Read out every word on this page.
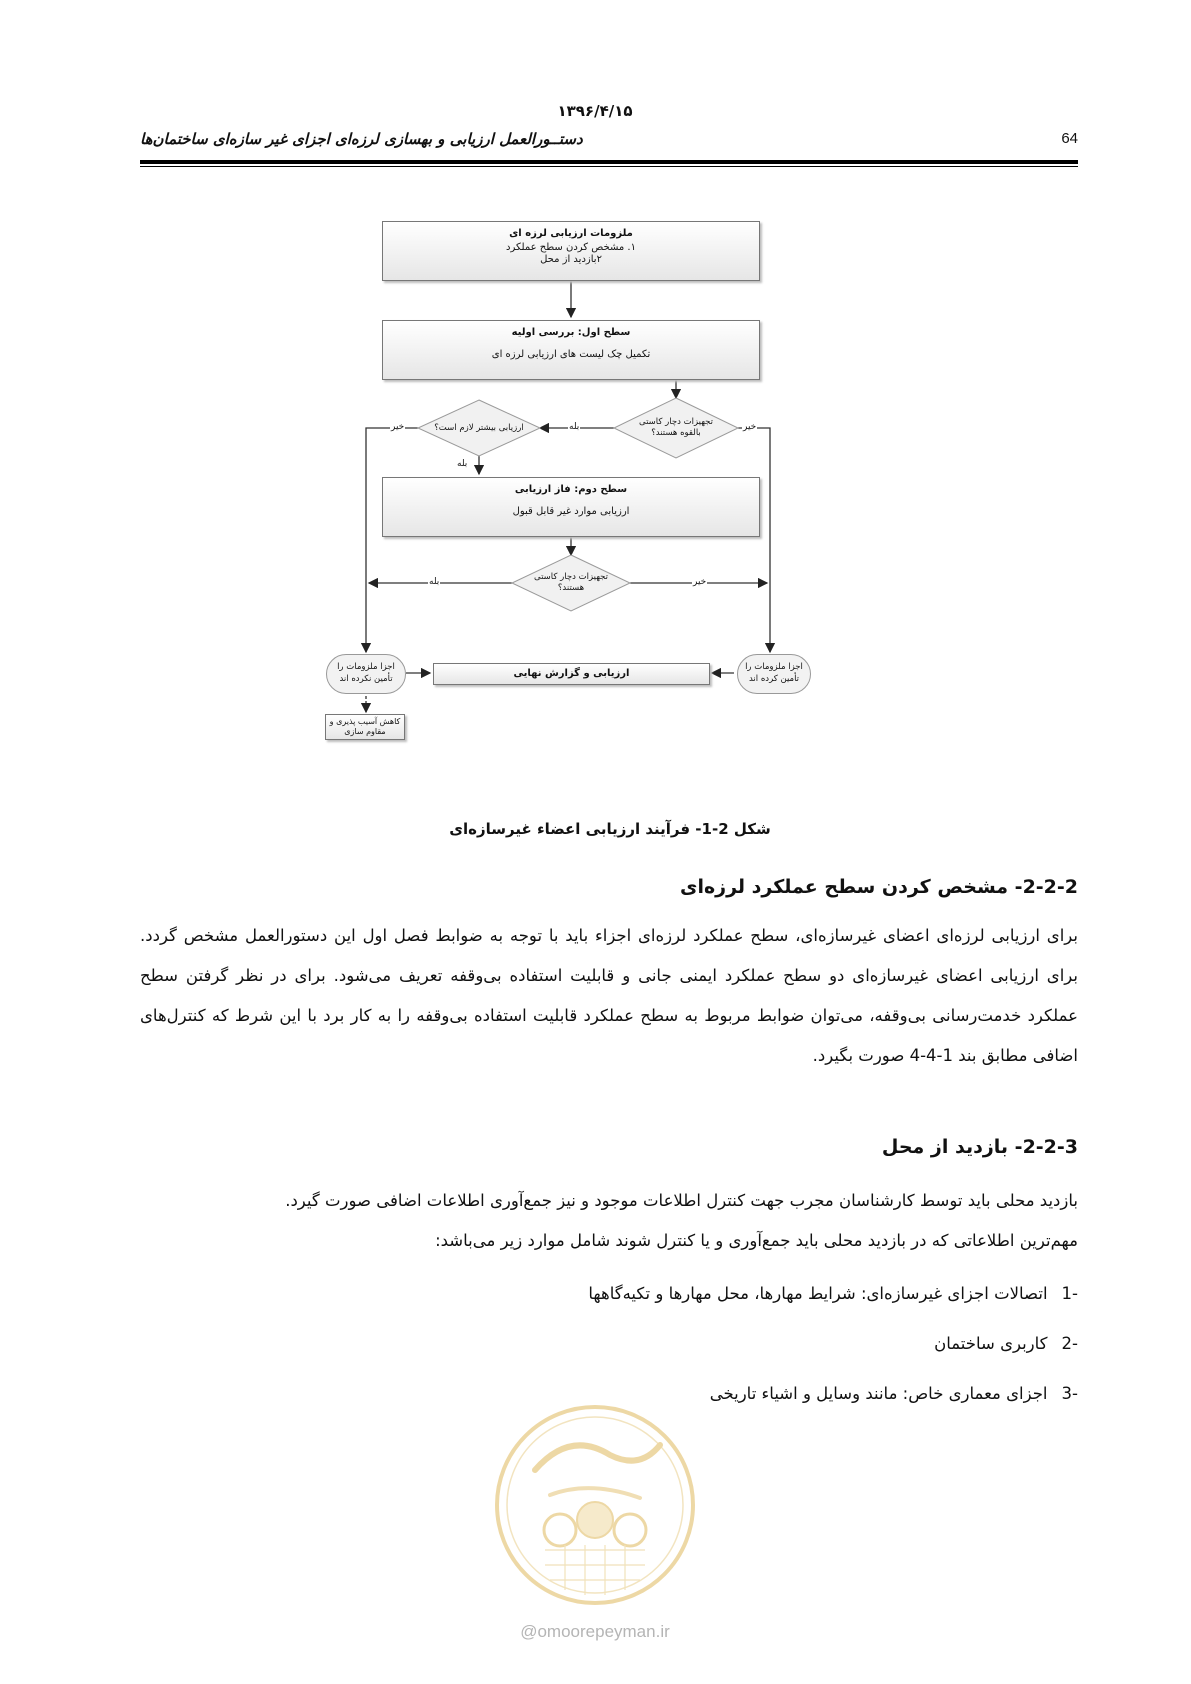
۱۳۹۶/۴/۱۵
دستــورالعمل ارزیابی و بهسازی لرزه‌ای اجزای غیر سازه‌ای ساختمان‌ها	64
ملزومات ارزیابی لرزه ای
۱. مشخص کردن سطح عملکرد
۲بازدید از محل
سطح اول: بررسی اولیه
تکمیل چک لیست های ارزیابی لرزه ای
تجهیزات دچار کاستی
بالقوه هستند؟
ارزیابی بیشتر لازم است؟
سطح دوم: فاز ارزیابی
ارزیابی موارد غیر قابل قبول
تجهیزات دچار کاستی
هستند؟
ارزیابی و گزارش نهایی
اجزا ملزومات را
تأمین کرده اند
اجزا ملزومات را
تأمین نکرده اند
کاهش آسیب پذیری و
مقاوم سازی
بله	خیر
خیر
بله
بله	خیر
شکل 2-1- فرآیند ارزیابی اعضاء غیرسازه‌ای
2-2-2- مشخص کردن سطح عملکرد لرزه‌ای
برای ارزیابی لرزه‌ای اعضای غیرسازه‌ای، سطح عملکرد لرزه‌ای اجزاء باید با توجه به ضوابط فصل اول این دستورالعمل مشخص گردد. برای ارزیابی اعضای غیرسازه‌ای دو سطح عملکرد ایمنی جانی و قابلیت استفاده بی‌وقفه تعریف می‌شود. برای در نظر گرفتن سطح عملکرد خدمت‌رسانی بی‌وقفه، می‌توان ضوابط مربوط به سطح عملکرد قابلیت استفاده بی‌وقفه را به کار برد با این شرط که کنترل‌های اضافی مطابق بند 1-4-4 صورت بگیرد.
2-2-3- بازدید از محل
بازدید محلی باید توسط کارشناسان مجرب جهت کنترل اطلاعات موجود و نیز جمع‌آوری اطلاعات اضافی صورت گیرد.
مهم‌ترین اطلاعاتی که در بازدید محلی باید جمع‌آوری و یا کنترل شوند شامل موارد زیر می‌باشد:
-1اتصالات اجزای غیرسازه‌ای: شرایط مهارها، محل مهارها و تکیه‌گاهها
-2کاربری ساختمان
-3اجزای معماری خاص: مانند وسایل و اشیاء تاریخی
@omoorepeyman.ir
